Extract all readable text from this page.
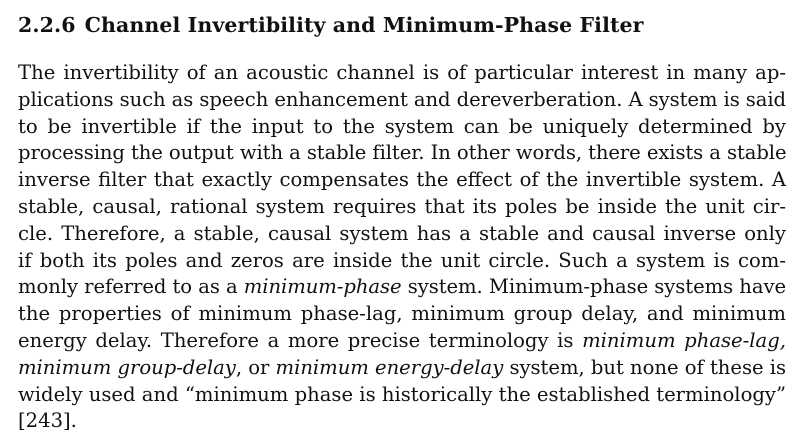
2.2.6 Channel Invertibility and Minimum-Phase Filter

The invertibility of an acoustic channel is of particular interest in many ap-
plications such as speech enhancement and dereverberation. A system is said
to be invertible if the input to the system can be uniquely determined by
processing the output with a stable filter. In other words, there exists a stable
inverse filter that exactly compensates the effect of the invertible system. A
stable, causal, rational system requires that its poles be inside the unit cir-
cle. Therefore, a stable, causal system has a stable and causal inverse only
if both its poles and zeros are inside the unit circle. Such a system is com-
monly referred to as a minimum-phase system. Minimum-phase systems have
the properties of minimum phase-lag, minimum group delay, and minimum
energy delay. Therefore a more precise terminology is minimum phase-lag,
minimum group-delay, or minimum energy-delay system, but none of these is
widely used and “minimum phase is historically the established terminology”
[243].
